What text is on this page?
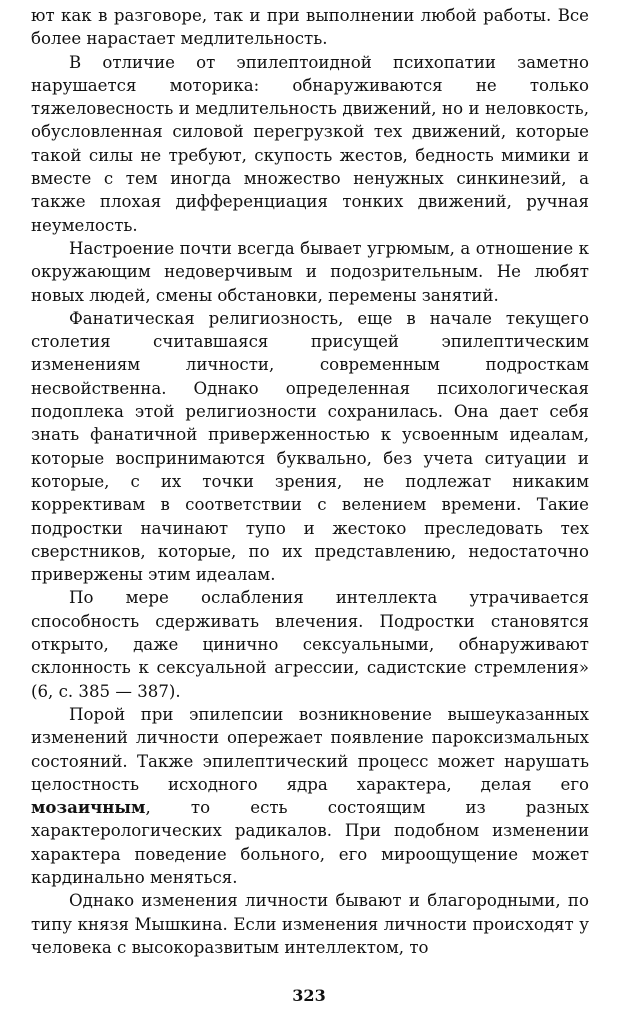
ют как в разговоре, так и при выполнении любой работы. Все более нарастает медлительность.

В отличие от эпилептоидной психопатии заметно нарушается моторика: обнаруживаются не только тяжеловесность и медлительность движений, но и неловкость, обусловленная силовой перегрузкой тех движений, которые такой силы не требуют, скупость жестов, бедность мимики и вместе с тем иногда множество ненужных синкинезий, а также плохая дифференциация тонких движений, ручная неумелость.

Настроение почти всегда бывает угрюмым, а отношение к окружающим недоверчивым и подозрительным. Не любят новых людей, смены обстановки, перемены занятий.

Фанатическая религиозность, еще в начале текущего столетия считавшаяся присущей эпилептическим изменениям личности, современным подросткам несвойственна. Однако определенная психологическая подоплека этой религиозности сохранилась. Она дает себя знать фанатичной приверженностью к усвоенным идеалам, которые воспринимаются буквально, без учета ситуации и которые, с их точки зрения, не подлежат никаким коррективам в соответствии с велением времени. Такие подростки начинают тупо и жестоко преследовать тех сверстников, которые, по их представлению, недостаточно привержены этим идеалам.

По мере ослабления интеллекта утрачивается способность сдерживать влечения. Подростки становятся открыто, даже цинично сексуальными, обнаруживают склонность к сексуальной агрессии, садистские стремления» (6, с. 385 — 387).

Порой при эпилепсии возникновение вышеуказанных изменений личности опережает появление пароксизмальных состояний. Также эпилептический процесс может нарушать целостность исходного ядра характера, делая его мозаичным, то есть состоящим из разных характерологических радикалов. При подобном изменении характера поведение больного, его мироощущение может кардинально меняться.

Однако изменения личности бывают и благородными, по типу князя Мышкина. Если изменения личности происходят у человека с высокоразвитым интеллектом, то

323
